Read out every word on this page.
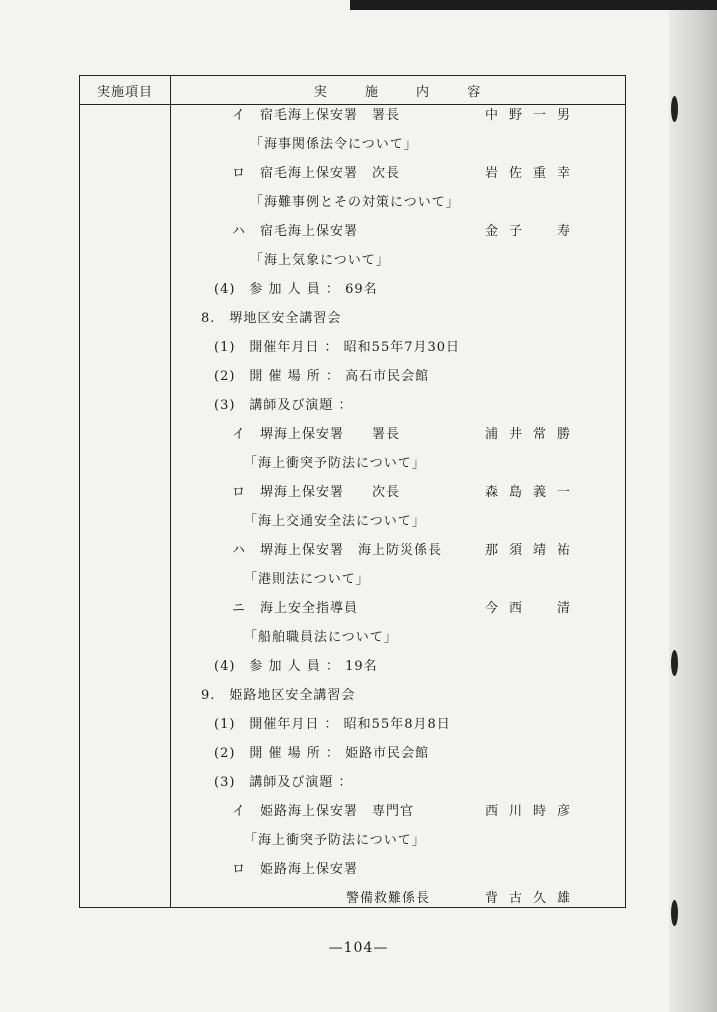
実施項目	実 施 内 容
イ　宿毛海上保安署　署長
「海事関係法令について」
ロ　宿毛海上保安署　次長
「海難事例とその対策について」
ハ　宿毛海上保安署
「海上気象について」
(4)　参 加 人 員 ： 69名
8.　堺地区安全講習会
(1)　開催年月日 ： 昭和55年7月30日
(2)　開 催 場 所 ： 高石市民会館
(3)　講師及び演題 ：
イ　堺海上保安署　　署長
「海上衝突予防法について」
ロ　堺海上保安署　　次長
「海上交通安全法について」
ハ　堺海上保安署　海上防災係長
「港則法について」
ニ　海上安全指導員
「船舶職員法について」
(4)　参 加 人 員 ： 19名
9.　姫路地区安全講習会
(1)　開催年月日 ： 昭和55年8月8日
(2)　開 催 場 所 ： 姫路市民会館
(3)　講師及び演題 ：
イ　姫路海上保安署　専門官
「海上衝突予防法について」
ロ　姫路海上保安署
警備救難係長
中野一男
岩佐重幸
金子　寿
浦井常勝
森島義一
那須靖祐
今西　清
西川時彦
背古久雄
—104—
